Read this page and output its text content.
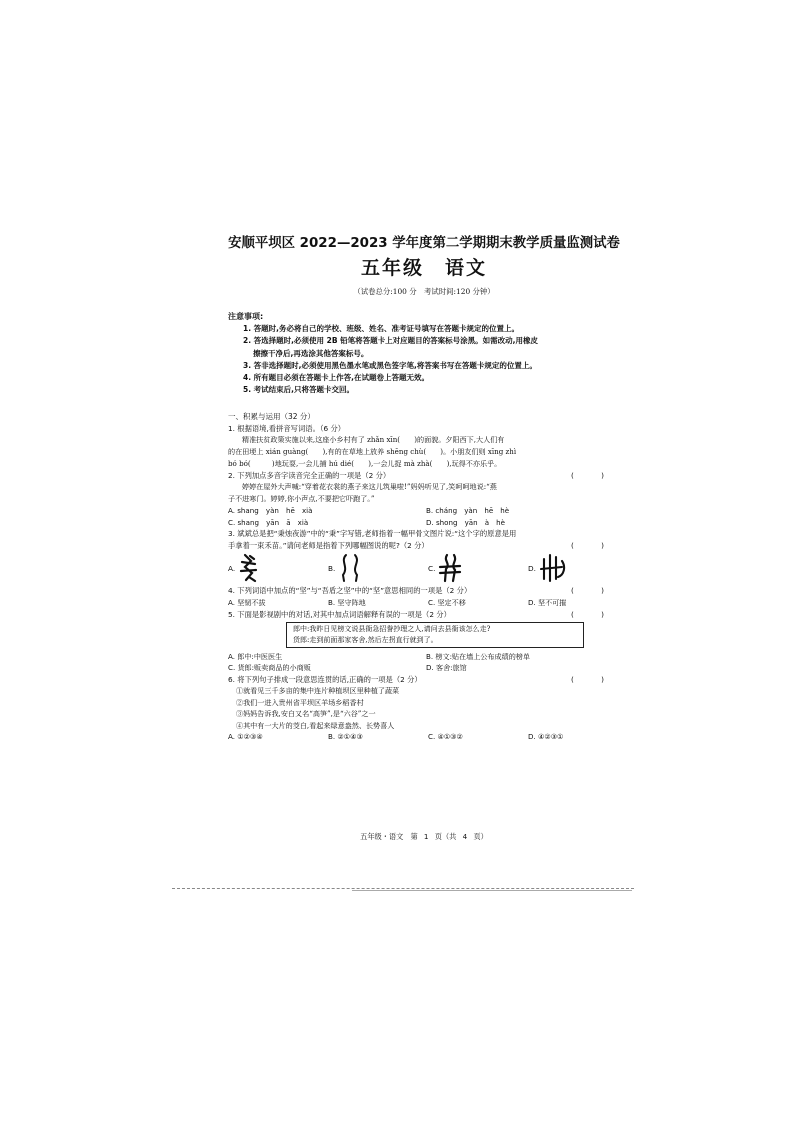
安顺平坝区 2022—2023 学年度第二学期期末教学质量监测试卷
五年级　语文
（试卷总分:100 分　考试时间:120 分钟）
注意事项:
1. 答题时,务必将自己的学校、班级、姓名、准考证号填写在答题卡规定的位置上。
2. 答选择题时,必须使用 2B 铅笔将答题卡上对应题目的答案标号涂黑。如需改动,用橡皮
擦擦干净后,再选涂其他答案标号。
3. 答非选择题时,必须使用黑色墨水笔或黑色签字笔,将答案书写在答题卡规定的位置上。
4. 所有题目必须在答题卡上作答,在试题卷上答题无效。
5. 考试结束后,只将答题卡交回。
一、积累与运用（32 分）
1. 根据语境,看拼音写词语。（6 分）
精准扶贫政策实施以来,这座小乡村有了 zhǎn xīn(　　)的面貌。夕阳西下,大人们有
的在田埂上 xián guàng(　　),有的在草地上放养 shēng chù(　　)。小朋友们则 xīng zhì
bó bó(　　　)地玩耍,一会儿捕 hú dié(　　),一会儿捉 mà zhà(　　),玩得不亦乐乎。
2. 下列加点多音字读音完全正确的一项是（2 分）	(　)
婷婷在屋外大声喊:“穿着花衣裳的燕子来这儿筑巢啦!”妈妈听见了,笑呵呵地说:“燕
子不进寒门。婷婷,你小声点,不要把它吓跑了。”
A. shang　yàn　hē　xià	B. cháng　yàn　hē　hè
C. shang　yān　ā　xià	D. shong　yān　à　hè
3. 斌斌总是把“秉烛夜游”中的“秉”字写错,老师指着一幅甲骨文图片说:“这个字的原意是用
手拿着一束禾苗。”请问老师是指着下列哪幅图说的呢?（2 分）	(　)
A.	B.	C.	D.
4. 下列词语中加点的“坚”与“吾盾之坚”中的“坚”意思相同的一项是（2 分）	(　)
A. 坚韧不拔	B. 坚守阵地	C. 坚定不移	D. 坚不可摧
5. 下面是影视剧中的对话,对其中加点词语解释有误的一项是（2 分）	(　)
郎中:我昨日见榜文说县衙急招誊抄理之人,请问去县衙该怎么走?
货郎:走到前面那家客舍,然后左拐直行就到了。
A. 郎中:中医医生	B. 榜文:贴在墙上公布成绩的榜单
C. 货郎:贩卖商品的小商贩	D. 客舍:旅馆
6. 将下列句子排成一段意思连贯的话,正确的一项是（2 分）	(　)
①就看见三千多亩的集中连片种植坝区里种植了蔬菜
②我们一进入贵州省平坝区羊场乡稻香村
③妈妈告诉我,安白又名“高笋”,是“六谷”之一
④其中有一大片的茭白,看起来绿意盎然、长势喜人
A. ①②③④	B. ②①④③	C. ④①③②	D. ④②③①
五年级・语文　第 1 页（共 4 页）
